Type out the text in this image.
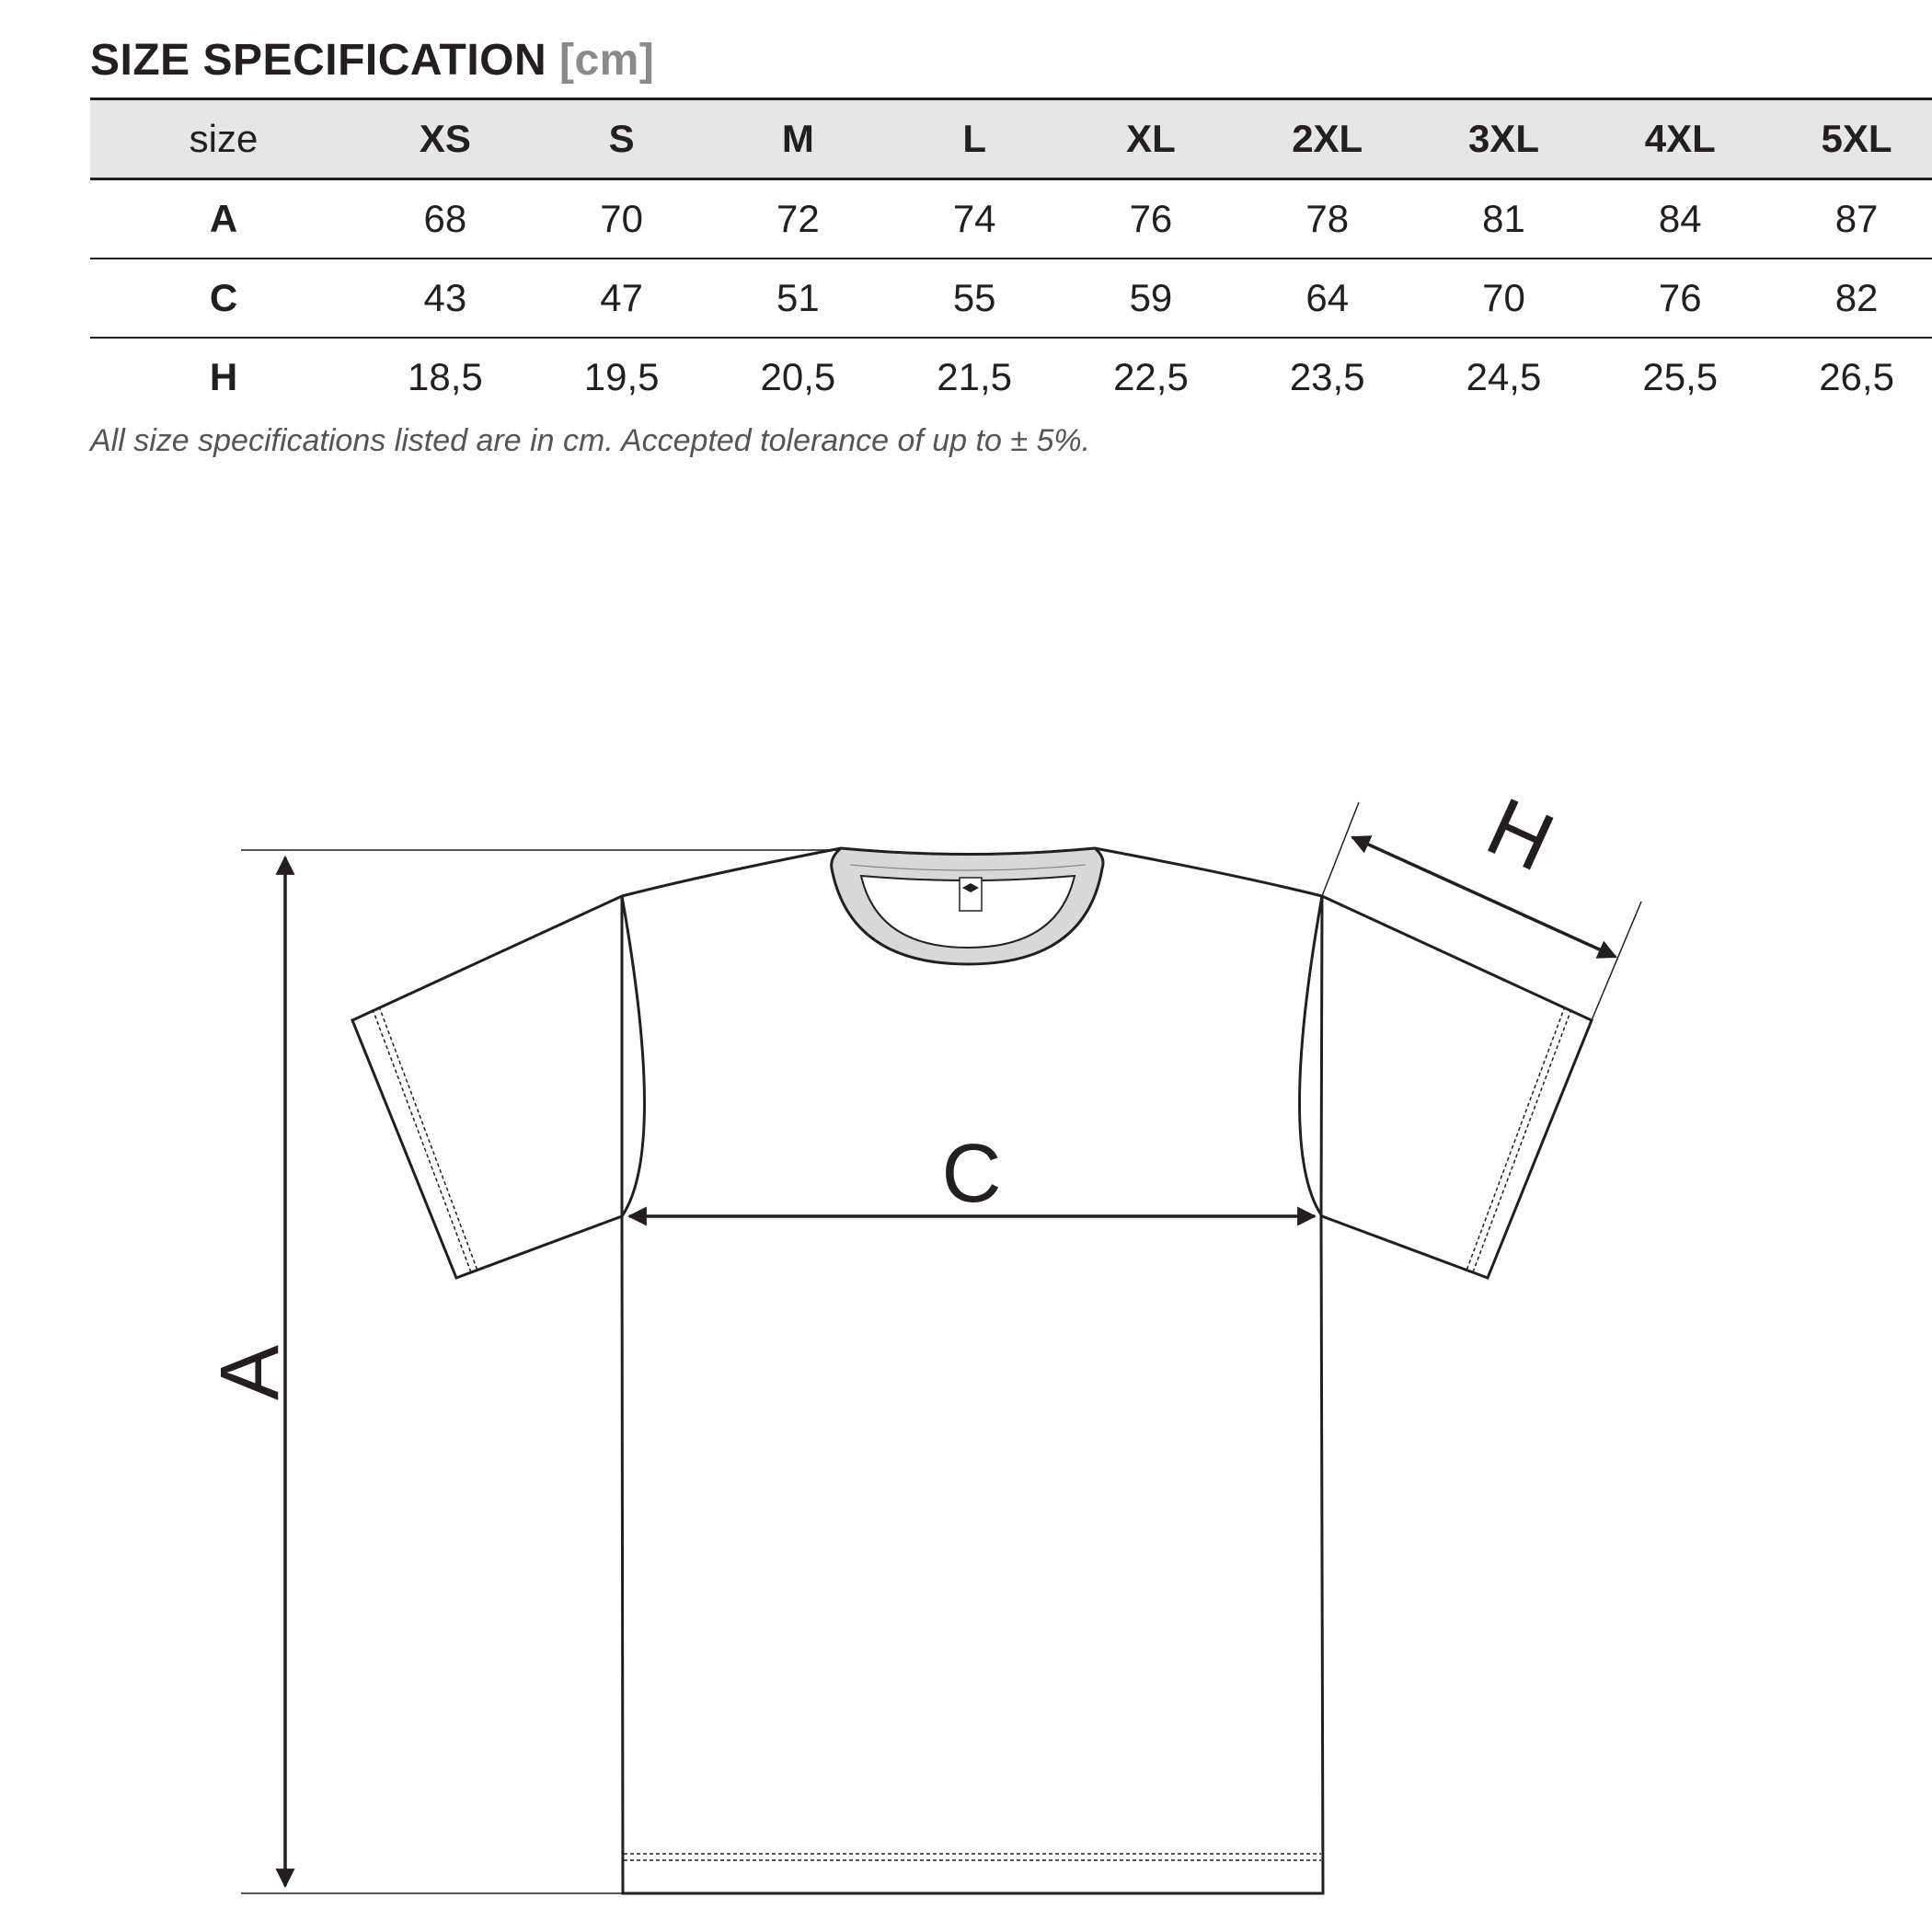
SIZE SPECIFICATION [cm]
size	XS	S	M	L	XL	2XL	3XL	4XL	5XL
A	68	70	72	74	76	78	81	84	87
C	43	47	51	55	59	64	70	76	82
H	18,5	19,5	20,5	21,5	22,5	23,5	24,5	25,5	26,5
All size specifications listed are in cm. Accepted tolerance of up to ± 5%.
A
C
H
